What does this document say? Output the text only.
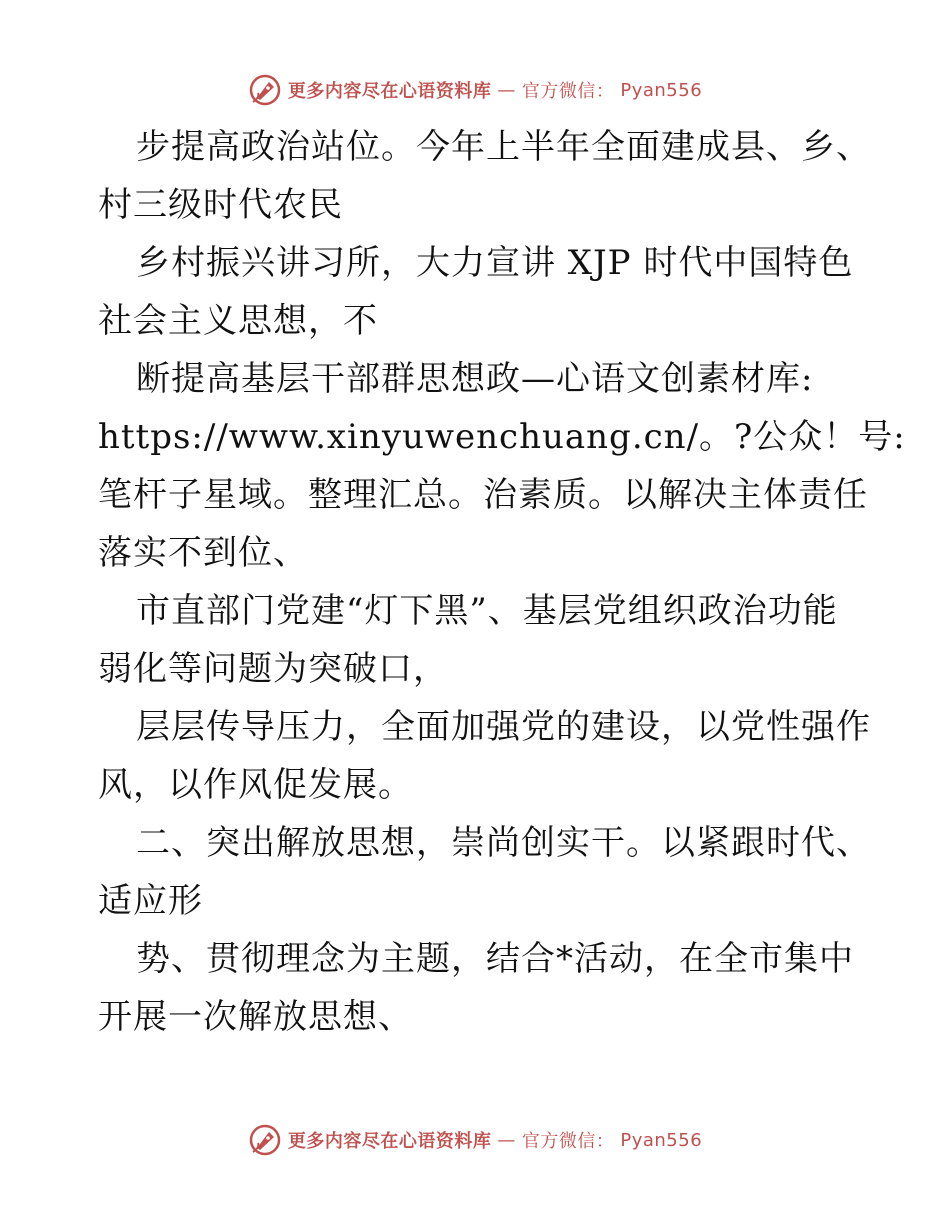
更多内容尽在心语资料库 — 官方微信： Pyan556
步提高政治站位。今年上半年全面建成县、乡、
村三级时代农民
乡村振兴讲习所，大力宣讲 XJP 时代中国特色
社会主义思想，不
断提高基层干部群思想政—心语文创素材库:
https://www.xinyuwenchuang.cn/。?公众！号:
笔杆子星域。整理汇总。治素质。以解决主体责任
落实不到位、
市直部门党建“灯下黑”、基层党组织政治功能
弱化等问题为突破口，
层层传导压力，全面加强党的建设，以党性强作
风，以作风促发展。
二、突出解放思想，崇尚创实干。以紧跟时代、
适应形
势、贯彻理念为主题，结合*活动，在全市集中
开展一次解放思想、
更多内容尽在心语资料库 — 官方微信： Pyan556
